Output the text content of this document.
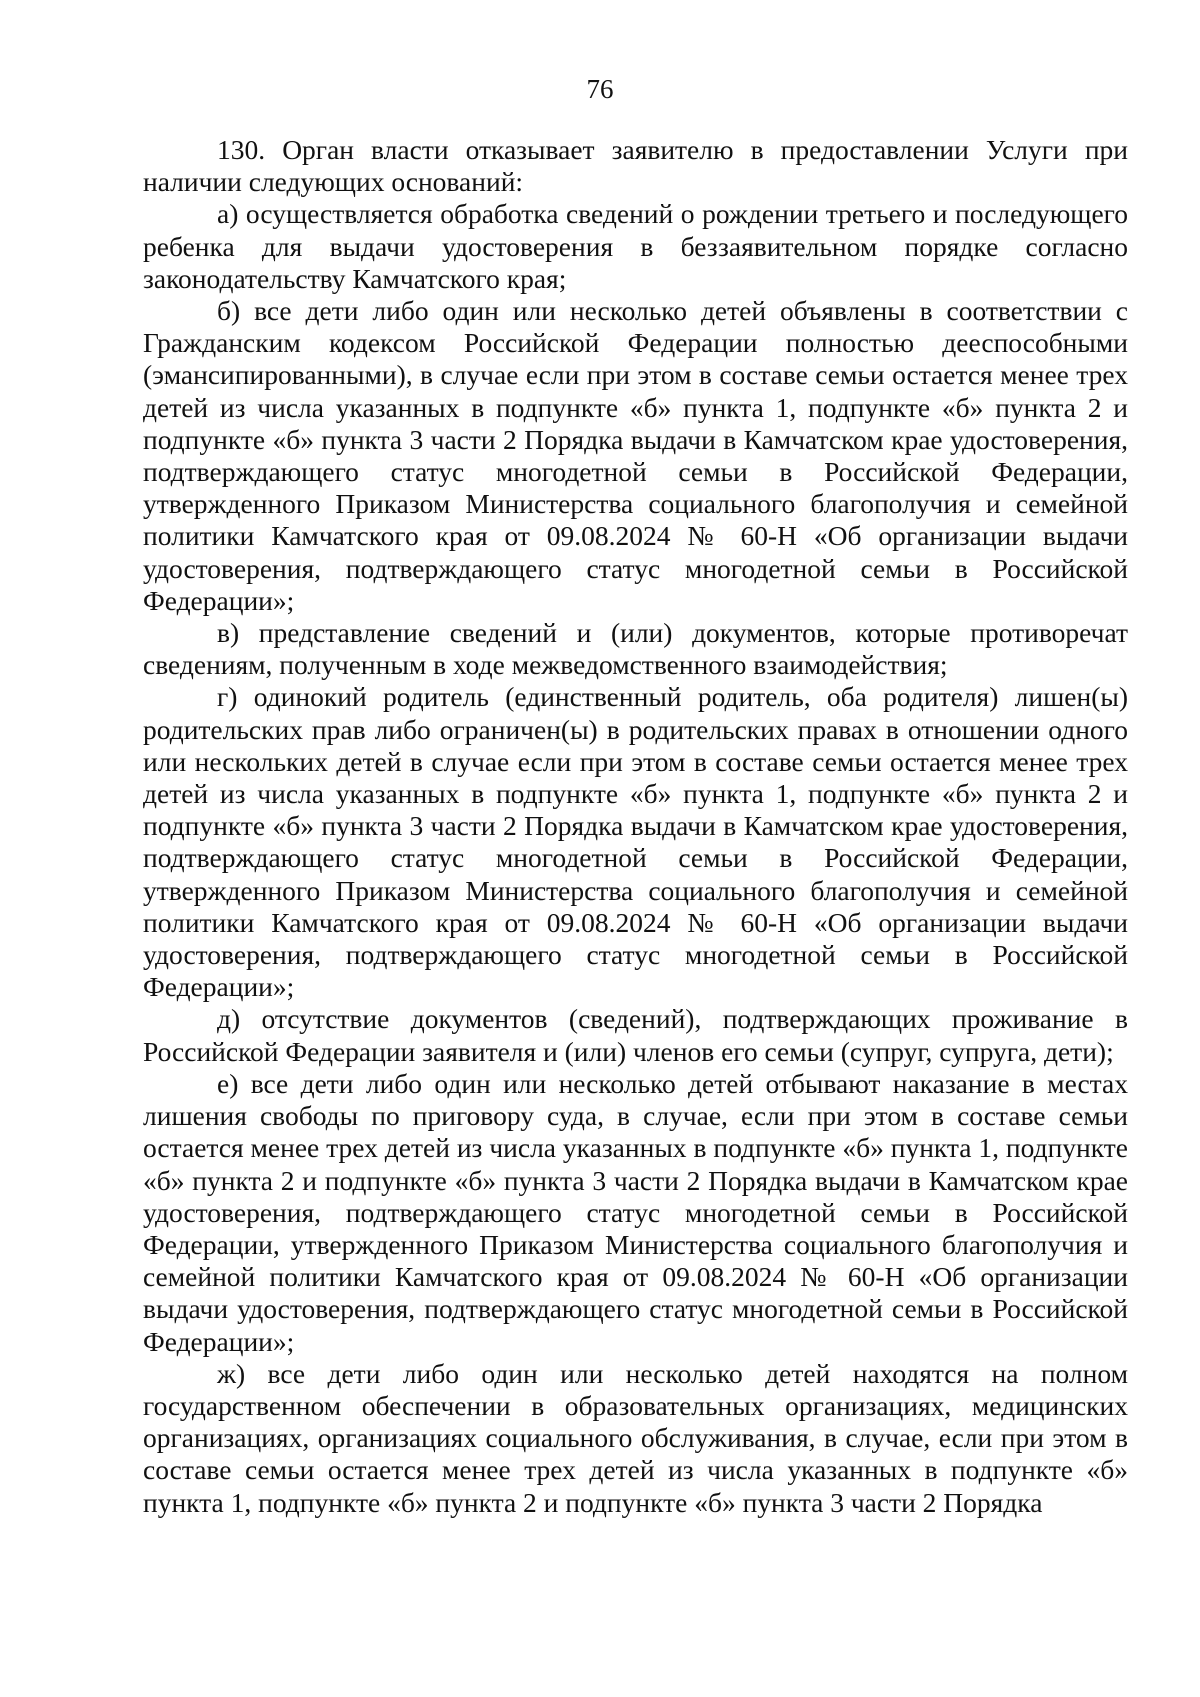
76

130. Орган власти отказывает заявителю в предоставлении Услуги при наличии следующих оснований:

а) осуществляется обработка сведений о рождении третьего и последующего ребенка для выдачи удостоверения в беззаявительном порядке согласно законодательству Камчатского края;

б) все дети либо один или несколько детей объявлены в соответствии с Гражданским кодексом Российской Федерации полностью дееспособными (эмансипированными), в случае если при этом в составе семьи остается менее трех детей из числа указанных в подпункте «б» пункта 1, подпункте «б» пункта 2 и подпункте «б» пункта 3 части 2 Порядка выдачи в Камчатском крае удостоверения, подтверждающего статус многодетной семьи в Российской Федерации, утвержденного Приказом Министерства социального благополучия и семейной политики Камчатского края от 09.08.2024 № 60-Н «Об организации выдачи удостоверения, подтверждающего статус многодетной семьи в Российской Федерации»;

в) представление сведений и (или) документов, которые противоречат сведениям, полученным в ходе межведомственного взаимодействия;

г) одинокий родитель (единственный родитель, оба родителя) лишен(ы) родительских прав либо ограничен(ы) в родительских правах в отношении одного или нескольких детей в случае если при этом в составе семьи остается менее трех детей из числа указанных в подпункте «б» пункта 1, подпункте «б» пункта 2 и подпункте «б» пункта 3 части 2 Порядка выдачи в Камчатском крае удостоверения, подтверждающего статус многодетной семьи в Российской Федерации, утвержденного Приказом Министерства социального благополучия и семейной политики Камчатского края от 09.08.2024 № 60-Н «Об организации выдачи удостоверения, подтверждающего статус многодетной семьи в Российской Федерации»;

д) отсутствие документов (сведений), подтверждающих проживание в Российской Федерации заявителя и (или) членов его семьи (супруг, супруга, дети);

е) все дети либо один или несколько детей отбывают наказание в местах лишения свободы по приговору суда, в случае, если при этом в составе семьи остается менее трех детей из числа указанных в подпункте «б» пункта 1, подпункте «б» пункта 2 и подпункте «б» пункта 3 части 2 Порядка выдачи в Камчатском крае удостоверения, подтверждающего статус многодетной семьи в Российской Федерации, утвержденного Приказом Министерства социального благополучия и семейной политики Камчатского края от 09.08.2024 № 60-Н «Об организации выдачи удостоверения, подтверждающего статус многодетной семьи в Российской Федерации»;

ж) все дети либо один или несколько детей находятся на полном государственном обеспечении в образовательных организациях, медицинских организациях, организациях социального обслуживания, в случае, если при этом в составе семьи остается менее трех детей из числа указанных в подпункте «б» пункта 1, подпункте «б» пункта 2 и подпункте «б» пункта 3 части 2 Порядка
